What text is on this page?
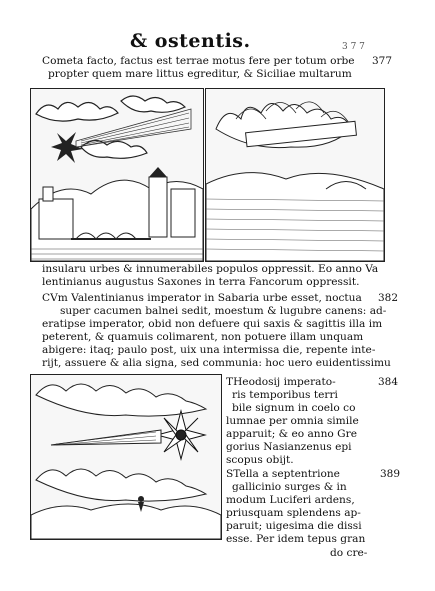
& ostentis.	3 7 7
Cometa facto, factus est terrae motus fere per totum orbe
propter quem mare littus egreditur, & Siciliae multarum
377
insularu urbes & innumerabiles populos oppressit. Eo anno Va
lentinianus augustus Saxones in terra Fancorum oppressit.
CVm Valentinianus imperator in Sabaria urbe esset, noctua
super cacumen balnei sedit, moestum & lugubre canens: ad-
eratipse imperator, obid non defuere qui saxis & sagittis illa im
peterent, & quamuis colimarent, non potuere illam unquam
abigere: itaq; paulo post, uix una intermissa die, repente inte-
rijt, assuere & alia signa, sed communia: hoc uero euidentissimu
382
THeodosij imperato-
ris temporibus terri
bile signum in coelo co
lumnae per omnia simile
apparuit; & eo anno Gre
gorius Nasianzenus epi
scopus obijt.
384
STella a septentrione
gallicinio surges & in
modum Luciferi ardens,
priusquam splendens ap-
paruit; uigesima die dissi
esse. Per idem tepus gran
do cre-
389
